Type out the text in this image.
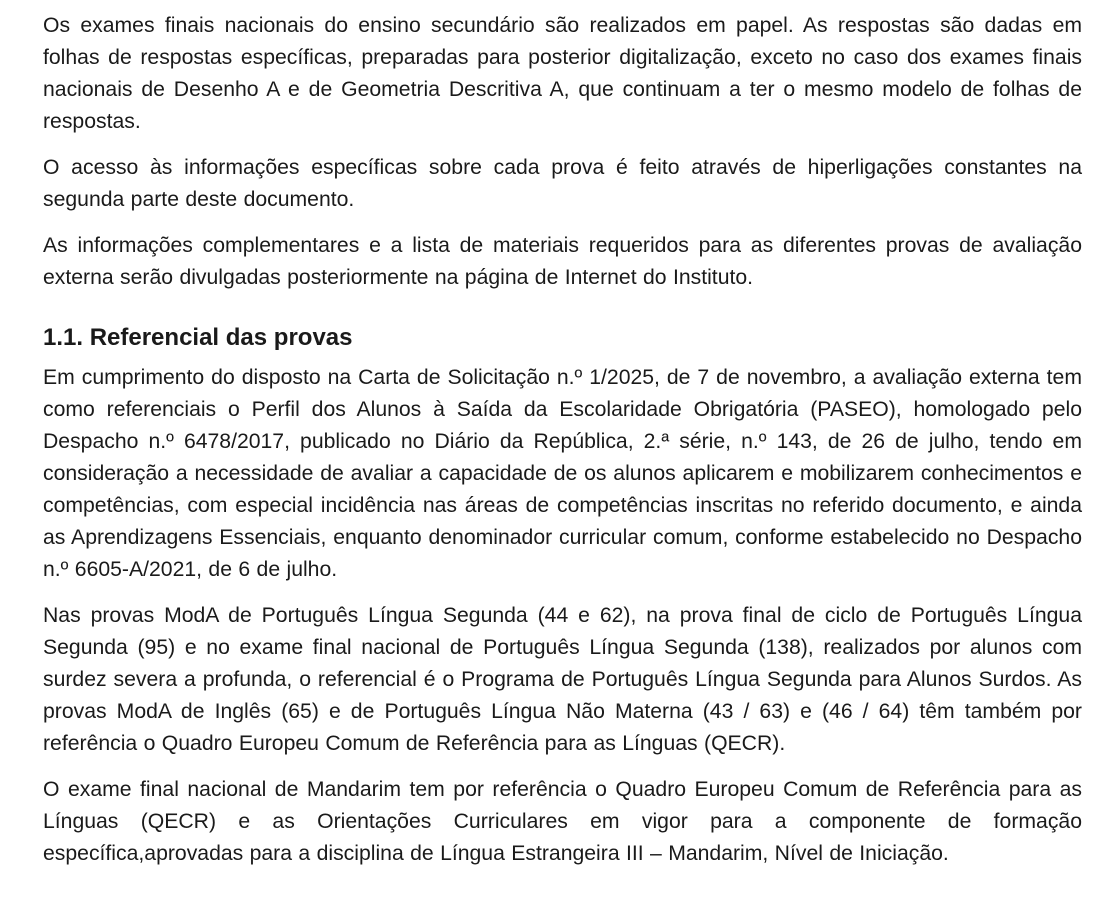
Os exames finais nacionais do ensino secundário são realizados em papel. As respostas são dadas em folhas de respostas específicas, preparadas para posterior digitalização, exceto no caso dos exames finais nacionais de Desenho A e de Geometria Descritiva A, que continuam a ter o mesmo modelo de folhas de respostas.

O acesso às informações específicas sobre cada prova é feito através de hiperligações constantes na segunda parte deste documento.

As informações complementares e a lista de materiais requeridos para as diferentes provas de avaliação externa serão divulgadas posteriormente na página de Internet do Instituto.

1.1. Referencial das provas

Em cumprimento do disposto na Carta de Solicitação n.º 1/2025, de 7 de novembro, a avaliação externa tem como referenciais o Perfil dos Alunos à Saída da Escolaridade Obrigatória (PASEO), homologado pelo Despacho n.º 6478/2017, publicado no Diário da República, 2.ª série, n.º 143, de 26 de julho, tendo em consideração a necessidade de avaliar a capacidade de os alunos aplicarem e mobilizarem conhecimentos e competências, com especial incidência nas áreas de competências inscritas no referido documento, e ainda as Aprendizagens Essenciais, enquanto denominador curricular comum, conforme estabelecido no Despacho n.º 6605-A/2021, de 6 de julho.

Nas provas ModA de Português Língua Segunda (44 e 62), na prova final de ciclo de Português Língua Segunda (95) e no exame final nacional de Português Língua Segunda (138), realizados por alunos com surdez severa a profunda, o referencial é o Programa de Português Língua Segunda para Alunos Surdos. As provas ModA de Inglês (65) e de Português Língua Não Materna (43 / 63) e (46 / 64) têm também por referência o Quadro Europeu Comum de Referência para as Línguas (QECR).

O exame final nacional de Mandarim tem por referência o Quadro Europeu Comum de Referência para as Línguas (QECR) e as Orientações Curriculares em vigor para a componente de formação específica,aprovadas para a disciplina de Língua Estrangeira III – Mandarim, Nível de Iniciação.
